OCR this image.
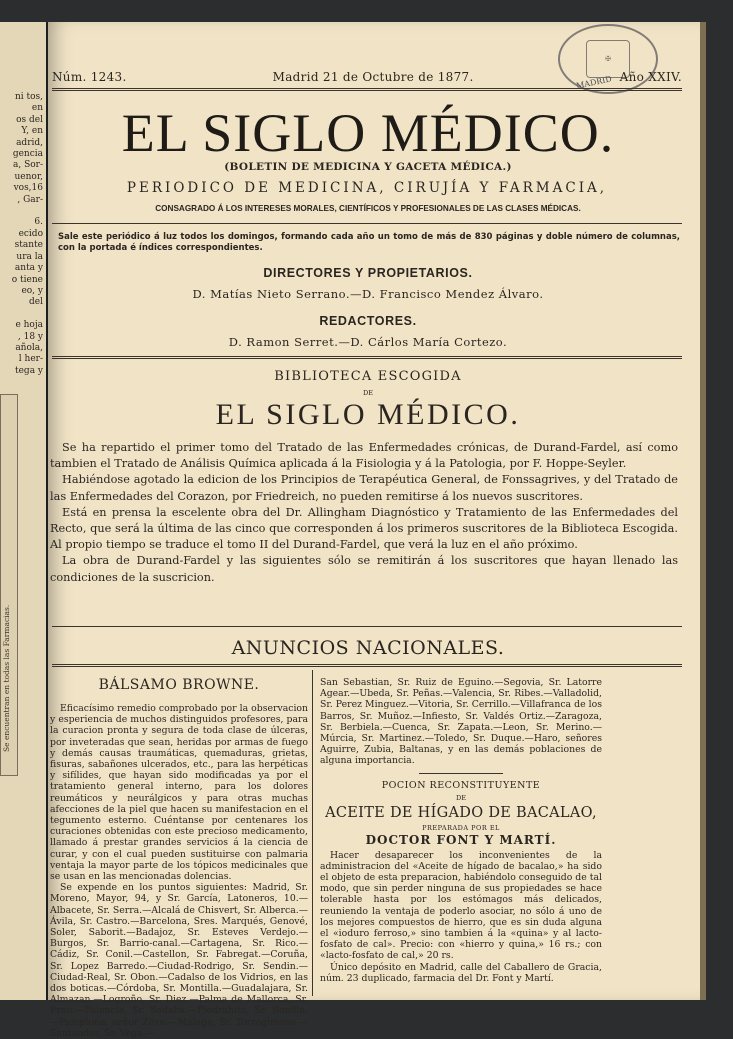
ni tos,
en
os del
Y, en
adrid,
gencia
a, Sor-
uenor,
vos,16
, Gar-

6.
ecido
stante
ura la
anta y
o tiene
eo, y
del

e hoja
, 18 y
añola,
l her-
tega y
Se encuentran en todas las Farmacias.
✠
MADRID
Núm. 1243.	Madrid 21 de Octubre de 1877.	Año XXIV.
EL SIGLO MÉDICO.
(BOLETIN DE MEDICINA Y GACETA MÉDICA.)
PERIODICO DE MEDICINA, CIRUJÍA Y FARMACIA,
CONSAGRADO Á LOS INTERESES MORALES, CIENTÍFICOS Y PROFESIONALES DE LAS CLASES MÉDICAS.
Sale este periódico á luz todos los domingos, formando cada año un tomo de más de 830 páginas y doble número de columnas, con la portada é índices correspondientes.
DIRECTORES Y PROPIETARIOS.
D. Matías Nieto Serrano.—D. Francisco Mendez Álvaro.
REDACTORES.
D. Ramon Serret.—D. Cárlos María Cortezo.
BIBLIOTECA ESCOGIDA
DE
EL SIGLO MÉDICO.

Se ha repartido el primer tomo del Tratado de las Enfermedades crónicas, de Durand-Fardel, así como tambien el Tratado de Análisis Química aplicada á la Fisiologia y á la Patologia, por F. Hoppe-Seyler.

Habiéndose agotado la edicion de los Principios de Terapéutica General, de Fonssagrives, y del Tratado de las Enfermedades del Corazon, por Friedreich, no pueden remitirse á los nuevos suscritores.

Está en prensa la escelente obra del Dr. Allingham Diagnóstico y Tratamiento de las Enfermedades del Recto, que será la última de las cinco que corresponden á los primeros suscritores de la Biblioteca Escogida. Al propio tiempo se traduce el tomo II del Durand-Fardel, que verá la luz en el año próximo.

La obra de Durand-Fardel y las siguientes sólo se remitirán á los suscritores que hayan llenado las condiciones de la suscricion.

ANUNCIOS NACIONALES.
BÁLSAMO BROWNE.

Eficacísimo remedio comprobado por la observacion y esperiencia de muchos distinguidos profesores, para la curacion pronta y segura de toda clase de úlceras, por inveteradas que sean, heridas por armas de fuego y demás causas traumáticas, quemaduras, grietas, fisuras, sabañones ulcerados, etc., para las herpéticas y sifílides, que hayan sido modificadas ya por el tratamiento general interno, para los dolores reumáticos y neurálgicos y para otras muchas afecciones de la piel que hacen su manifestacion en el tegumento esterno. Cuéntanse por centenares los curaciones obtenidas con este precioso medicamento, llamado á prestar grandes servicios á la ciencia de curar, y con el cual pueden sustituirse con palmaria ventaja la mayor parte de los tópicos medicinales que se usan en las mencionadas dolencias.

Se expende en los puntos siguientes: Madrid, Sr. Moreno, Mayor, 94, y Sr. García, Latoneros, 10.—Albacete, Sr. Serra.—Alcalá de Chisvert, Sr. Alberca.—Ávila, Sr. Castro.—Barcelona, Sres. Marqués, Genové, Soler, Saborit.—Badajoz, Sr. Esteves Verdejo.—Burgos, Sr. Barrio-canal.—Cartagena, Sr. Rico.—Cádiz, Sr. Conil.—Castellon, Sr. Fabregat.—Coruña, Sr. Lopez Barredo.—Ciudad-Rodrigo, Sr. Sendin.—Ciudad-Real, Sr. Obon.—Cadalso de los Vidrios, en las dos boticas.—Córdoba, Sr. Montilla.—Guadalajara, Sr. Almazan.—Logroño, Sr. Diez.—Palma de Mallorca, Sr. Frau.—Palencia, Sr. Sadaba.—Piedrahita, Sr. Bonilla.—Pamplona, señor Zilve.—Málaga, Sr. Torregimeno.—Santander, Sr. Vega.—

San Sebastian, Sr. Ruiz de Eguino.—Segovia, Sr. Latorre Agear.—Ubeda, Sr. Peñas.—Valencia, Sr. Ribes.—Valladolid, Sr. Perez Minguez.—Vitoria, Sr. Cerrillo.—Villafranca de los Barros, Sr. Muñoz.—Infiesto, Sr. Valdés Ortiz.—Zaragoza, Sr. Berbiela.—Cuenca, Sr. Zapata.—Leon, Sr. Merino.—Múrcia, Sr. Martinez.—Toledo, Sr. Duque.—Haro, señores Aguirre, Zubia, Baltanas, y en las demás poblaciones de alguna importancia.

POCION RECONSTITUYENTE
DE
ACEITE DE HÍGADO DE BACALAO,
PREPARADA POR EL
DOCTOR FONT Y MARTÍ.

Hacer desaparecer los inconvenientes de la administracion del «Aceite de hígado de bacalao,» ha sido el objeto de esta preparacion, habiéndolo conseguido de tal modo, que sin perder ninguna de sus propiedades se hace tolerable hasta por los estómagos más delicados, reuniendo la ventaja de poderlo asociar, no sólo á uno de los mejores compuestos de hierro, que es sin duda alguna el «ioduro ferroso,» sino tambien á la «quina» y al lacto-fosfato de cal». Precio: con «hierro y quina,» 16 rs.; con «lacto-fosfato de cal,» 20 rs.

Único depósito en Madrid, calle del Caballero de Gracia, núm. 23 duplicado, farmacia del Dr. Font y Martí.
